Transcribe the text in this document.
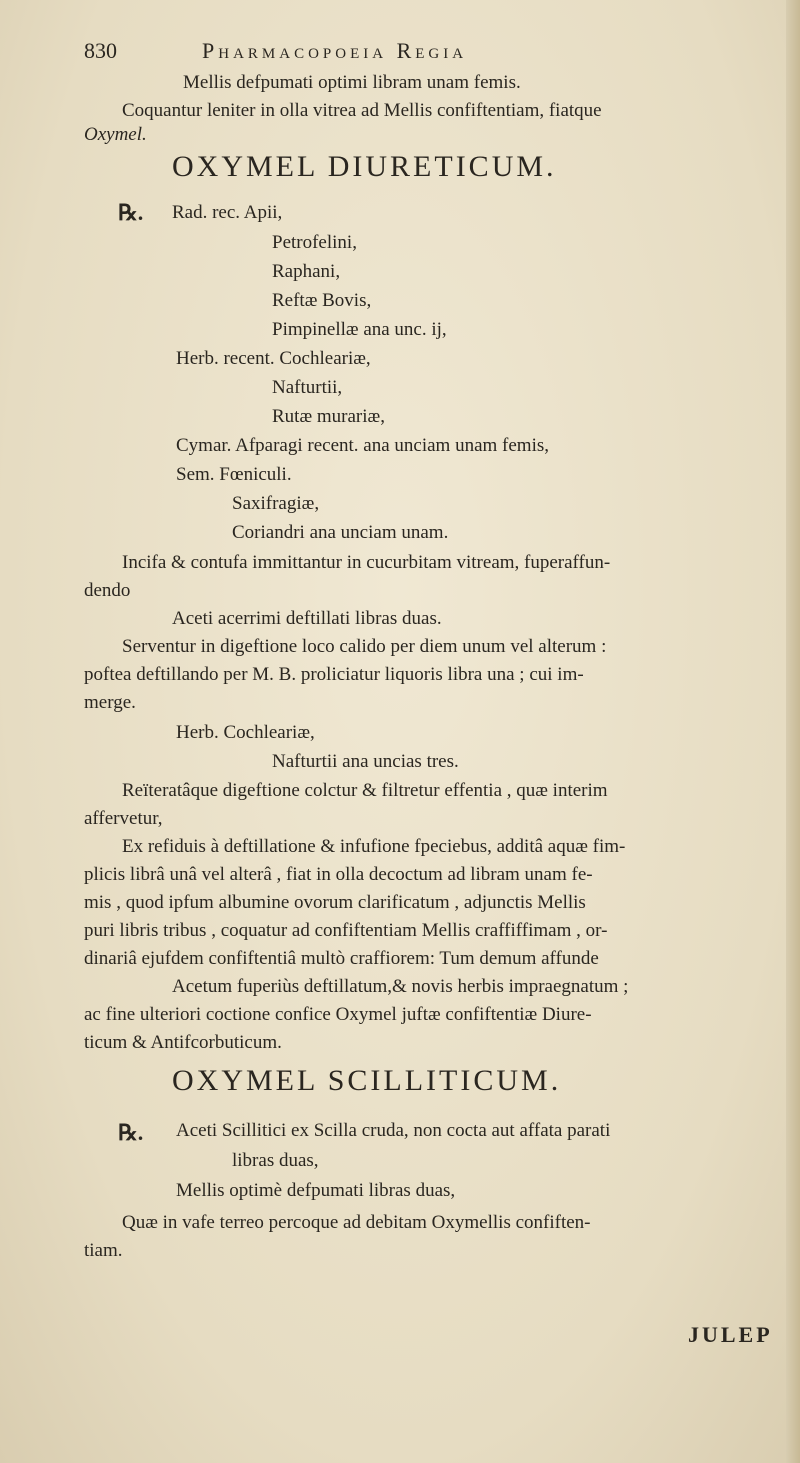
830	Pharmacopoeia Regia
Mellis defpumati optimi libram unam femis.
Coquantur leniter in olla vitrea ad Mellis confiftentiam, fiatque
Oxymel.
OXYMEL DIURETICUM.
℞. Rad. rec. Apii,
Petrofelini,
Raphani,
Reftæ Bovis,
Pimpinellæ ana unc. ij,
Herb. recent. Cochleariæ,
Nafturtii,
Rutæ murariæ,
Cymar. Afparagi recent. ana unciam unam femis,
Sem. Fœniculi.
Saxifragiæ,
Coriandri ana unciam unam.
Incifa & contufa immittantur in cucurbitam vitream, fuperaffun-
dendo
Aceti acerrimi deftillati libras duas.
Serventur in digeftione loco calido per diem unum vel alterum :
poftea deftillando per M. B. proliciatur liquoris libra una ; cui im-
merge.
Herb. Cochleariæ,
Nafturtii ana uncias tres.
Reïteratâque digeftione colctur & filtretur effentia , quæ interim
affervetur,
Ex refiduis à deftillatione & infufione fpeciebus, additâ aquæ fim-
plicis librâ unâ vel alterâ , fiat in olla decoctum ad libram unam fe-
mis , quod ipfum albumine ovorum clarificatum , adjunctis Mellis
puri libris tribus , coquatur ad confiftentiam Mellis craffiffimam , or-
dinariâ ejufdem confiftentiâ multò craffiorem: Tum demum affunde
Acetum fuperiùs deftillatum,& novis herbis impraegnatum ;
ac fine ulteriori coctione confice Oxymel juftæ confiftentiæ Diure-
ticum & Antifcorbuticum.
OXYMEL SCILLITICUM.
℞. Aceti Scillitici ex Scilla cruda, non cocta aut affata parati
libras duas,
Mellis optimè defpumati libras duas,
Quæ in vafe terreo percoque ad debitam Oxymellis confiften-
tiam.
JULEP
